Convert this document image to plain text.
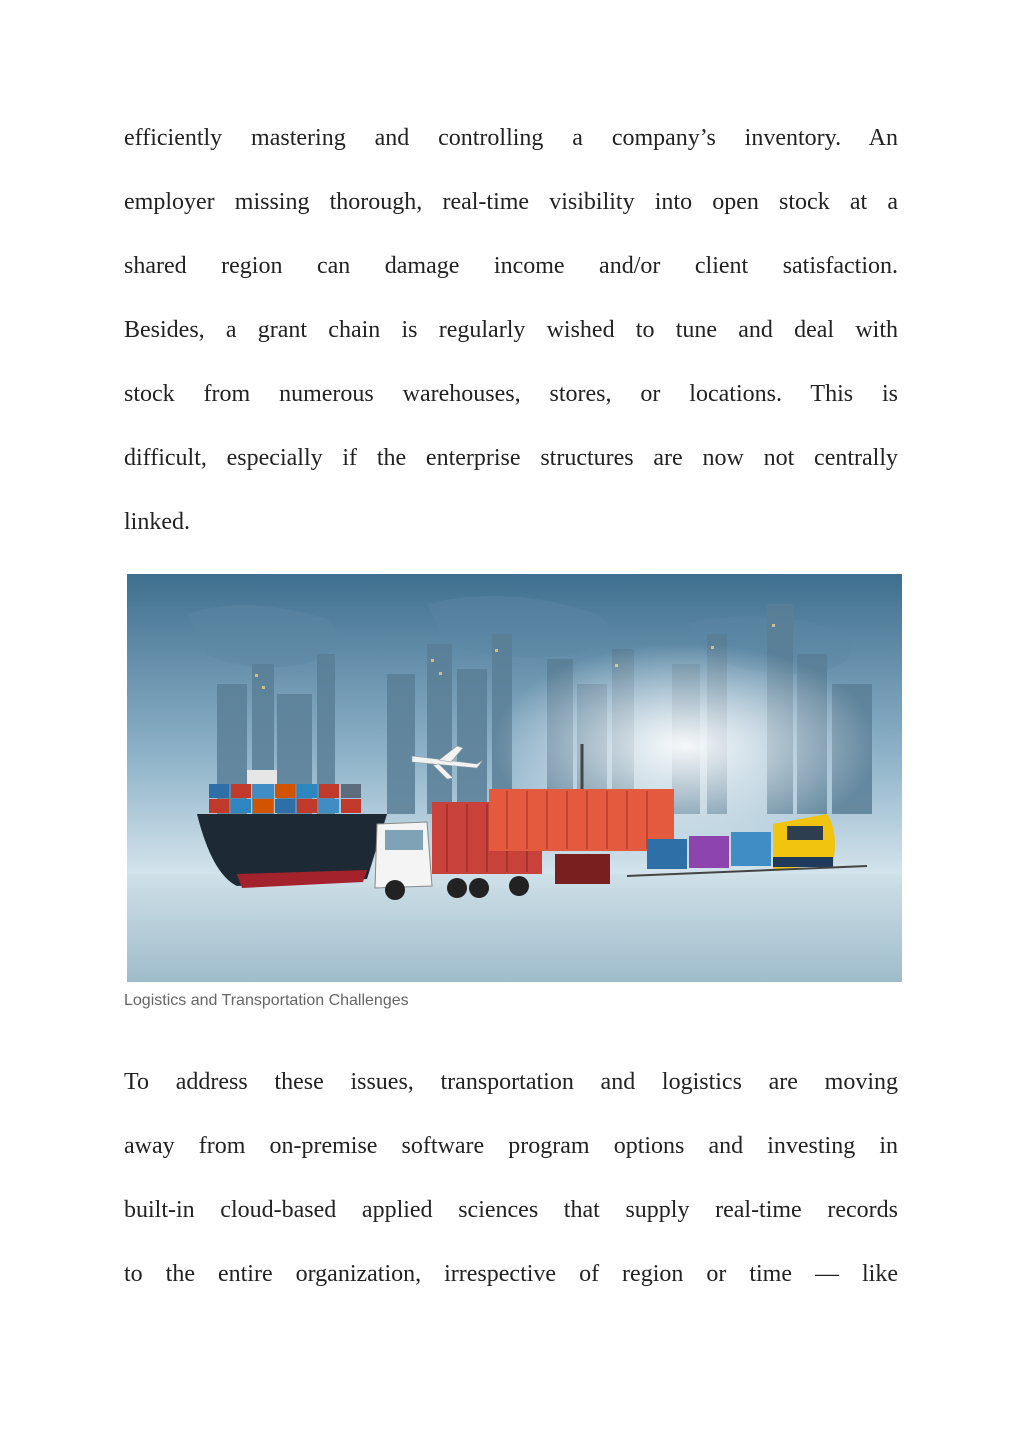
efficiently mastering and controlling a company’s inventory. An
employer missing thorough, real-time visibility into open stock at a
shared region can damage income and/or client satisfaction.
Besides, a grant chain is regularly wished to tune and deal with
stock from numerous warehouses, stores, or locations. This is
difficult, especially if the enterprise structures are now not centrally
linked.
Logistics and Transportation Challenges
To address these issues, transportation and logistics are moving
away from on-premise software program options and investing in
built-in cloud-based applied sciences that supply real-time records
to the entire organization, irrespective of region or time — like
